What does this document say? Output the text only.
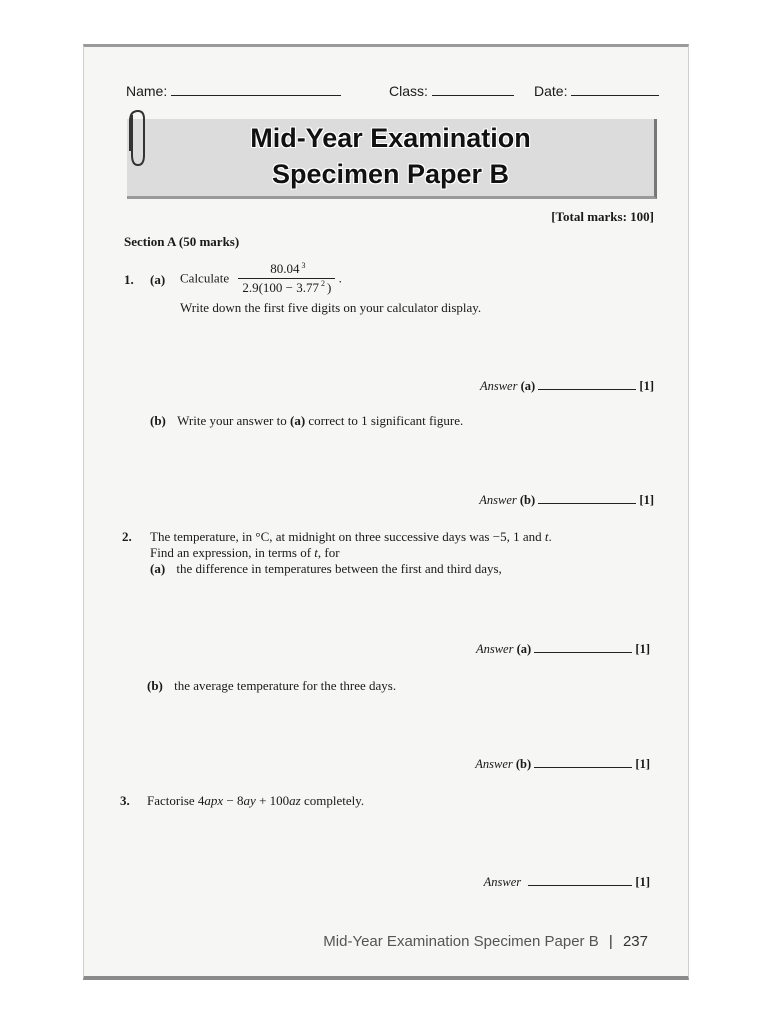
Name:	Class:	Date:
Mid-Year Examination
Specimen Paper B
[Total marks: 100]
Section A (50 marks)
1. (a) Calculate $\frac{80.04 ^3}{2.9(100 - 3.77 ^2 )}$ .
Write down the first five digits on your calculator display.
Answer (a)	[1]
(b) Write your answer to (a) correct to 1 significant figure.
Answer (b)	[1]
2. The temperature, in °C, at midnight on three successive days was −5, 1 and t.
Find an expression, in terms of t, for
(a) the difference in temperatures between the first and third days,
Answer (a)	[1]
(b) the average temperature for the three days.
Answer (b)	[1]
3. Factorise 4apx − 8ay + 100az completely.
Answer	[1]
Mid-Year Examination Specimen Paper B | 237
